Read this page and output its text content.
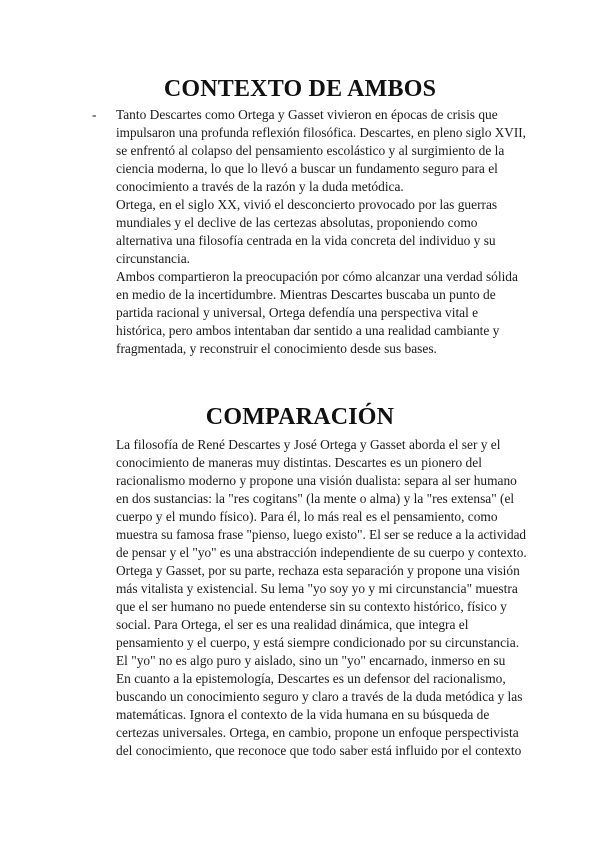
CONTEXTO DE AMBOS
- Tanto Descartes como Ortega y Gasset vivieron en épocas de crisis que
impulsaron una profunda reflexión filosófica. Descartes, en pleno siglo XVII,
se enfrentó al colapso del pensamiento escolástico y al surgimiento de la
ciencia moderna, lo que lo llevó a buscar un fundamento seguro para el
conocimiento a través de la razón y la duda metódica.
Ortega, en el siglo XX, vivió el desconcierto provocado por las guerras
mundiales y el declive de las certezas absolutas, proponiendo como
alternativa una filosofía centrada en la vida concreta del individuo y su
circunstancia.
Ambos compartieron la preocupación por cómo alcanzar una verdad sólida
en medio de la incertidumbre. Mientras Descartes buscaba un punto de
partida racional y universal, Ortega defendía una perspectiva vital e
histórica, pero ambos intentaban dar sentido a una realidad cambiante y
fragmentada, y reconstruir el conocimiento desde sus bases.
COMPARACIÓN
La filosofía de René Descartes y José Ortega y Gasset aborda el ser y el
conocimiento de maneras muy distintas. Descartes es un pionero del
racionalismo moderno y propone una visión dualista: separa al ser humano
en dos sustancias: la "res cogitans" (la mente o alma) y la "res extensa" (el
cuerpo y el mundo físico). Para él, lo más real es el pensamiento, como
muestra su famosa frase "pienso, luego existo". El ser se reduce a la actividad
de pensar y el "yo" es una abstracción independiente de su cuerpo y contexto.
Ortega y Gasset, por su parte, rechaza esta separación y propone una visión
más vitalista y existencial. Su lema "yo soy yo y mi circunstancia" muestra
que el ser humano no puede entenderse sin su contexto histórico, físico y
social. Para Ortega, el ser es una realidad dinámica, que integra el
pensamiento y el cuerpo, y está siempre condicionado por su circunstancia.
El "yo" no es algo puro y aislado, sino un "yo" encarnado, inmerso en su
En cuanto a la epistemología, Descartes es un defensor del racionalismo,
buscando un conocimiento seguro y claro a través de la duda metódica y las
matemáticas. Ignora el contexto de la vida humana en su búsqueda de
certezas universales. Ortega, en cambio, propone un enfoque perspectivista
del conocimiento, que reconoce que todo saber está influido por el contexto
